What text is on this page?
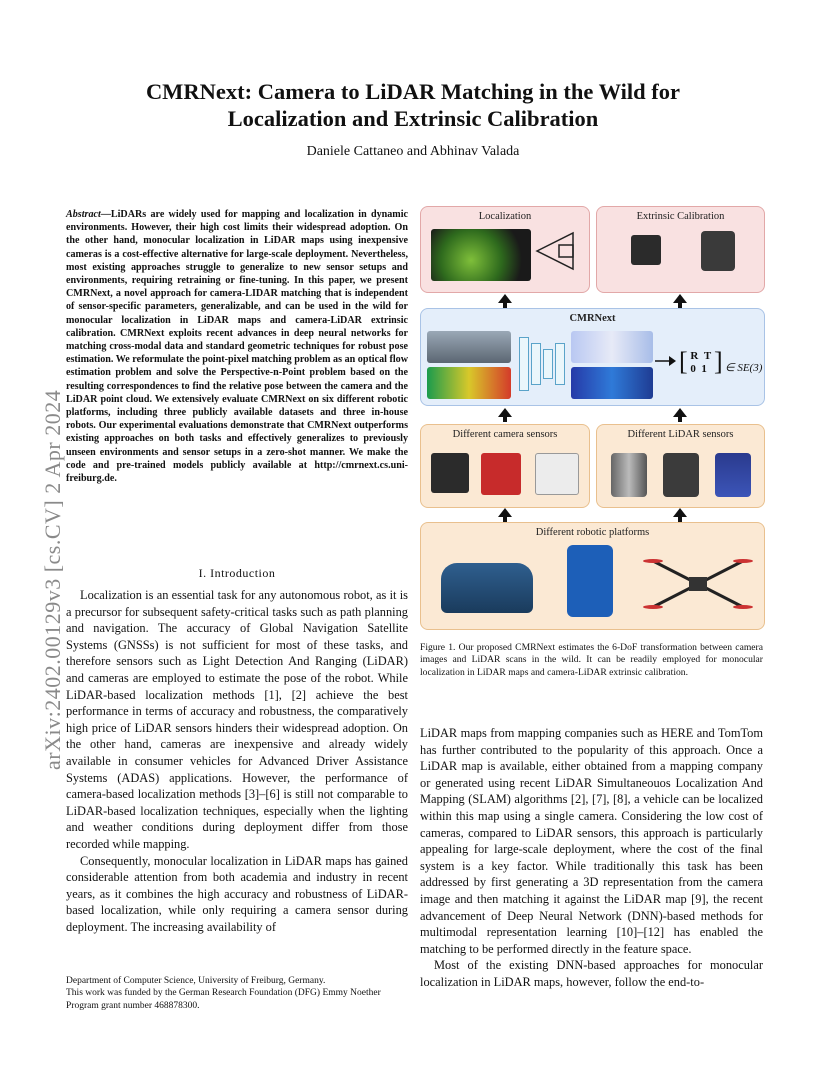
arXiv:2402.00129v3 [cs.CV] 2 Apr 2024
CMRNext: Camera to LiDAR Matching in the Wild for Localization and Extrinsic Calibration
Daniele Cattaneo and Abhinav Valada
Abstract—LiDARs are widely used for mapping and localization in dynamic environments. However, their high cost limits their widespread adoption. On the other hand, monocular localization in LiDAR maps using inexpensive cameras is a cost-effective alternative for large-scale deployment. Nevertheless, most existing approaches struggle to generalize to new sensor setups and environments, requiring retraining or fine-tuning. In this paper, we present CMRNext, a novel approach for camera-LIDAR matching that is independent of sensor-specific parameters, generalizable, and can be used in the wild for monocular localization in LiDAR maps and camera-LiDAR extrinsic calibration. CMRNext exploits recent advances in deep neural networks for matching cross-modal data and standard geometric techniques for robust pose estimation. We reformulate the point-pixel matching problem as an optical flow estimation problem and solve the Perspective-n-Point problem based on the resulting correspondences to find the relative pose between the camera and the LiDAR point cloud. We extensively evaluate CMRNext on six different robotic platforms, including three publicly available datasets and three in-house robots. Our experimental evaluations demonstrate that CMRNext outperforms existing approaches on both tasks and effectively generalizes to previously unseen environments and sensor setups in a zero-shot manner. We make the code and pre-trained models publicly available at http://cmrnext.cs.uni-freiburg.de.
I. Introduction

Localization is an essential task for any autonomous robot, as it is a precursor for subsequent safety-critical tasks such as path planning and navigation. The accuracy of Global Navigation Satellite Systems (GNSSs) is not sufficient for most of these tasks, and therefore sensors such as Light Detection And Ranging (LiDAR) and cameras are employed to estimate the pose of the robot. While LiDAR-based localization methods [1], [2] achieve the best performance in terms of accuracy and robustness, the comparatively high price of LiDAR sensors hinders their widespread adoption. On the other hand, cameras are inexpensive and already widely available in consumer vehicles for Advanced Driver Assistance Systems (ADAS) applications. However, the performance of camera-based localization methods [3]–[6] is still not comparable to LiDAR-based localization techniques, especially when the lighting and weather conditions during deployment differ from those recorded while mapping.

Consequently, monocular localization in LiDAR maps has gained considerable attention from both academia and industry in recent years, as it combines the high accuracy and robustness of LiDAR-based localization, while only requiring a camera sensor during deployment. The increasing availability of

Department of Computer Science, University of Freiburg, Germany.
This work was funded by the German Research Foundation (DFG) Emmy Noether Program grant number 468878300.
Localization	Extrinsic Calibration
CMRNext
[ R T
0 1 ] ∈ SE(3)
Different camera sensors	Different LiDAR sensors
Different robotic platforms
Figure 1. Our proposed CMRNext estimates the 6-DoF transformation between camera images and LiDAR scans in the wild. It can be readily employed for monocular localization in LiDAR maps and camera-LiDAR extrinsic calibration.

LiDAR maps from mapping companies such as HERE and TomTom has further contributed to the popularity of this approach. Once a LiDAR map is available, either obtained from a mapping company or generated using recent LiDAR Simultaneouos Localization And Mapping (SLAM) algorithms [2], [7], [8], a vehicle can be localized within this map using a single camera. Considering the low cost of cameras, compared to LiDAR sensors, this approach is particularly appealing for large-scale deployment, where the cost of the final system is a key factor. While traditionally this task has been addressed by first generating a 3D representation from the camera image and then matching it against the LiDAR map [9], the recent advancement of Deep Neural Network (DNN)-based methods for multimodal representation learning [10]–[12] has enabled the matching to be performed directly in the feature space.

Most of the existing DNN-based approaches for monocular localization in LiDAR maps, however, follow the end-to-
